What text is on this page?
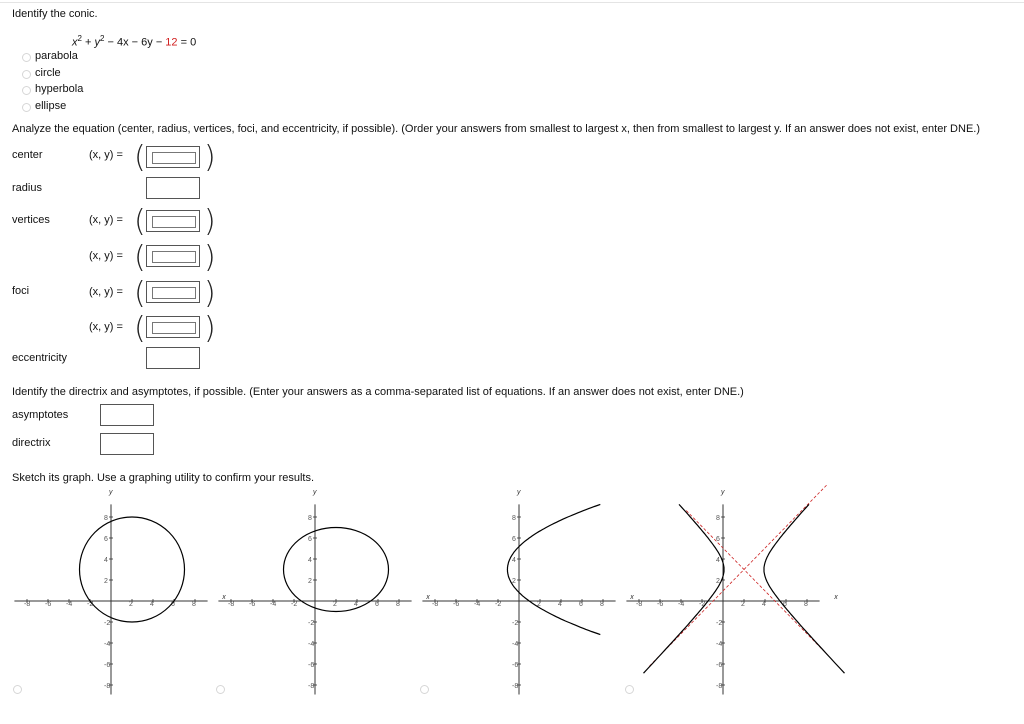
Identify the conic.
$x^2 + y^2 - 4x - 6y - 12 = 0$
parabola
circle
hyperbola
ellipse
Analyze the equation (center, radius, vertices, foci, and eccentricity, if possible). (Order your answers from smallest to largest x, then from smallest to largest y. If an answer does not exist, enter DNE.)
center	(x, y) = ( )
radius
vertices	(x, y) = ( )
(x, y) = ( )
foci	(x, y) = ( )
(x, y) = ( )
eccentricity
Identify the directrix and asymptotes, if possible. (Enter your answers as a comma-separated list of equations. If an answer does not exist, enter DNE.)
asymptotes
directrix
Sketch its graph. Use a graphing utility to confirm your results.
x
y
-8
-8
-6
-6
-4
-4
-2
-2
2
2
4
4
6
6
8
8
x
y
-8
-8
-6
-6
-4
-4
-2
-2
2
2
4
4
6
6
8
8
x
y
-8
-8
-6
-6
-4
-4
-2
-2
2
2
4
4
6
6
8
8
x
y
-8
-8
-6
-6
-4
-4
-2
-2
2
2
4
4
6
6
8
8
